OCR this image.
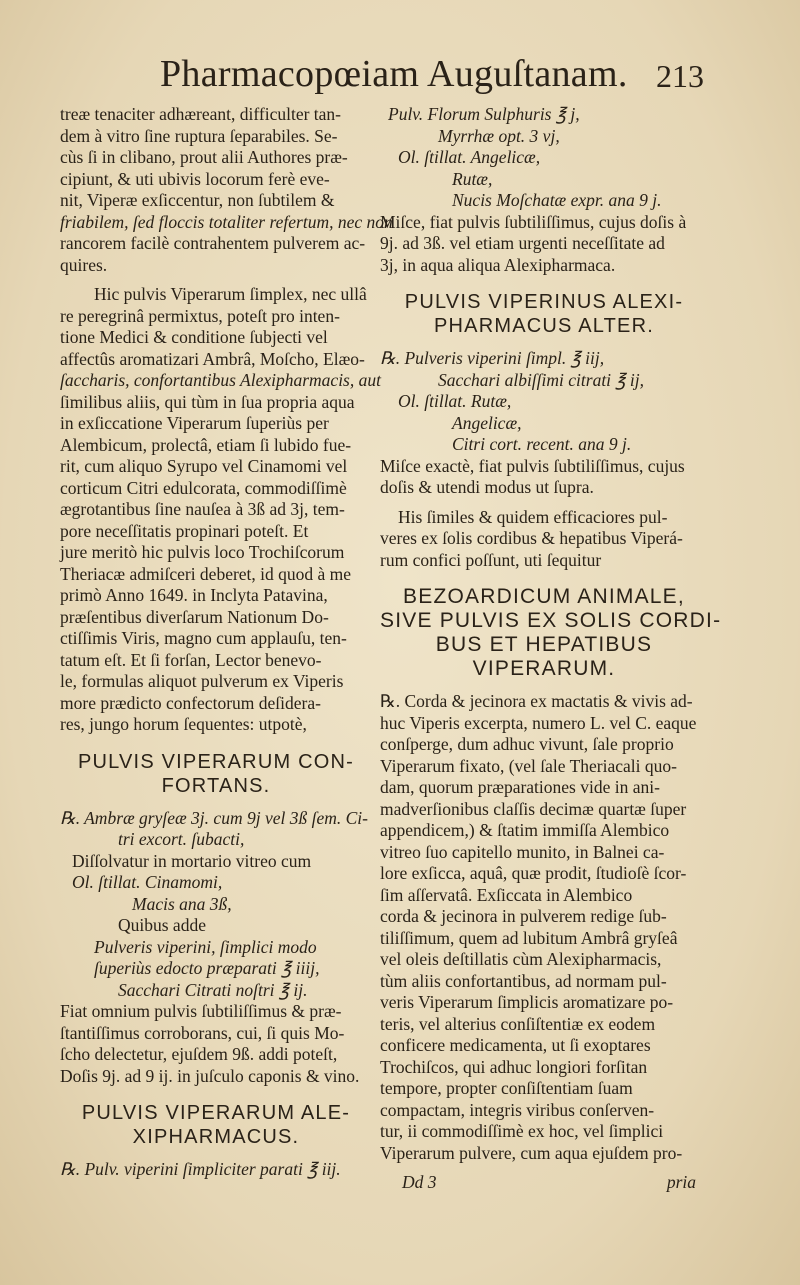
Pharmacopœiam Auguſtanam. 213
treæ tenaciter adhæreant, difficulter tan-
dem à vitro ſine ruptura ſeparabiles. Se-
cùs ſi in clibano, prout alii Authores præ-
cipiunt, & uti ubivis locorum ferè eve-
nit, Viperæ exſiccentur, non ſubtilem &
friabilem, ſed floccis totaliter refertum, nec non
rancorem facilè contrahentem pulverem ac-
quires.
Hic pulvis Viperarum ſimplex, nec ullâ
re peregrinâ permixtus, poteſt pro inten-
tione Medici & conditione ſubjecti vel
affectûs aromatizari Ambrâ, Moſcho, Elæo-
ſaccharis, confortantibus Alexipharmacis, aut
ſimilibus aliis, qui tùm in ſua propria aqua
in exſiccatione Viperarum ſuperiùs per
Alembicum, prolectâ, etiam ſi lubido fue-
rit, cum aliquo Syrupo vel Cinamomi vel
corticum Citri edulcorata, commodiſſimè
ægrotantibus ſine nauſea à 3ß ad 3j, tem-
pore neceſſitatis propinari poteſt. Et
jure meritò hic pulvis loco Trochiſcorum
Theriacæ admiſceri deberet, id quod à me
primò Anno 1649. in Inclyta Patavina,
præſentibus diverſarum Nationum Do-
ctiſſimis Viris, magno cum applauſu, ten-
tatum eſt. Et ſi forſan, Lector benevo-
le, formulas aliquot pulverum ex Viperis
more prædicto confectorum deſidera-
res, jungo horum ſequentes: utpotè,
PULVIS VIPERARUM CON-
FORTANS.
℞. Ambræ gryſeæ 3j. cum 9j vel 3ß ſem. Ci-
tri excort. ſubacti,
Diſſolvatur in mortario vitreo cum
Ol. ſtillat. Cinamomi,
Macis ana 3ß,
Quibus adde
Pulveris viperini, ſimplici modo
ſuperiùs edocto præparati ℥ iiij,
Sacchari Citrati noſtri ℥ ij.
Fiat omnium pulvis ſubtiliſſimus & præ-
ſtantiſſimus corroborans, cui, ſi quis Mo-
ſcho delectetur, ejuſdem 9ß. addi poteſt,
Doſis 9j. ad 9 ij. in juſculo caponis & vino.
PULVIS VIPERARUM ALE-
XIPHARMACUS.
℞. Pulv. viperini ſimpliciter parati ℥ iij.
Pulv. Florum Sulphuris ℥ j,
Myrrhæ opt. 3 vj,
Ol. ſtillat. Angelicæ,
Rutæ,
Nucis Moſchatæ expr. ana 9 j.
Miſce, fiat pulvis ſubtiliſſimus, cujus doſis à
9j. ad 3ß. vel etiam urgenti neceſſitate ad
3j, in aqua aliqua Alexipharmaca.
PULVIS VIPERINUS ALEXI-
PHARMACUS ALTER.
℞. Pulveris viperini ſimpl. ℥ iij,
Sacchari albiſſimi citrati ℥ ij,
Ol. ſtillat. Rutæ,
Angelicæ,
Citri cort. recent. ana 9 j.
Miſce exactè, fiat pulvis ſubtiliſſimus, cujus
doſis & utendi modus ut ſupra.
His ſimiles & quidem efficaciores pul-
veres ex ſolis cordibus & hepatibus Viperá-
rum confici poſſunt, uti ſequitur
BEZOARDICUM ANIMALE,
SIVE PULVIS EX SOLIS CORDI-
BUS ET HEPATIBUS
VIPERARUM.
℞. Corda & jecinora ex mactatis & vivis ad-
huc Viperis excerpta, numero L. vel C. eaque
conſperge, dum adhuc vivunt, ſale proprio
Viperarum fixato, (vel ſale Theriacali quo-
dam, quorum præparationes vide in ani-
madverſionibus claſſis decimæ quartæ ſuper
appendicem,) & ſtatim immiſſa Alembico
vitreo ſuo capitello munito, in Balnei ca-
lore exſicca, aquâ, quæ prodit, ſtudioſè ſcor-
ſim aſſervatâ. Exſiccata in Alembico
corda & jecinora in pulverem redige ſub-
tiliſſimum, quem ad lubitum Ambrâ gryſeâ
vel oleis deſtillatis cùm Alexipharmacis,
tùm aliis confortantibus, ad normam pul-
veris Viperarum ſimplicis aromatizare po-
teris, vel alterius conſiſtentiæ ex eodem
conficere medicamenta, ut ſi exoptares
Trochiſcos, qui adhuc longiori forſitan
tempore, propter conſiſtentiam ſuam
compactam, integris viribus conſerven-
tur, ii commodiſſimè ex hoc, vel ſimplici
Viperarum pulvere, cum aqua ejuſdem pro-
Dd 3	pria
